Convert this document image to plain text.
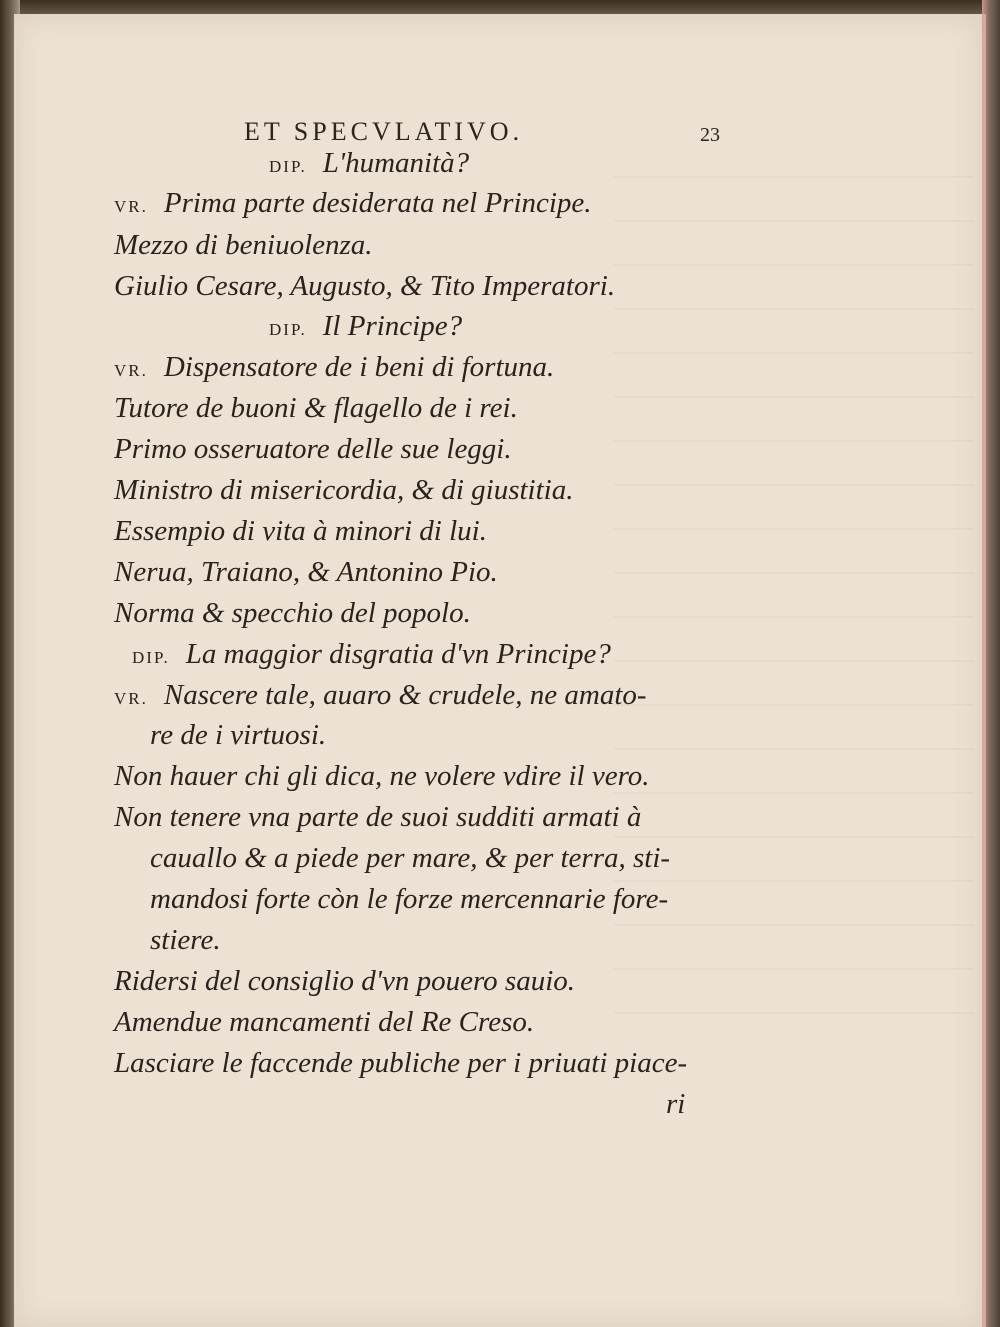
ET SPECVLATIVO.	23
DIP. L'humanità?
VR. Prima parte desiderata nel Principe.
Mezzo di beniuolenza.
Giulio Cesare, Augusto, & Tito Imperatori.
DIP. Il Principe?
VR. Dispensatore de i beni di fortuna.
Tutore de buoni & flagello de i rei.
Primo osseruatore delle sue leggi.
Ministro di misericordia, & di giustitia.
Essempio di vita à minori di lui.
Nerua, Traiano, & Antonino Pio.
Norma & specchio del popolo.
DIP. La maggior disgratia d'vn Principe?
VR. Nascere tale, auaro & crudele, ne amato-
re de i virtuosi.
Non hauer chi gli dica, ne volere vdire il vero.
Non tenere vna parte de suoi sudditi armati à
cauallo & a piede per mare, & per terra, sti-
mandosi forte còn le forze mercennarie fore-
stiere.
Ridersi del consiglio d'vn pouero sauio.
Amendue mancamenti del Re Creso.
Lasciare le faccende publiche per i priuati piace-
ri
